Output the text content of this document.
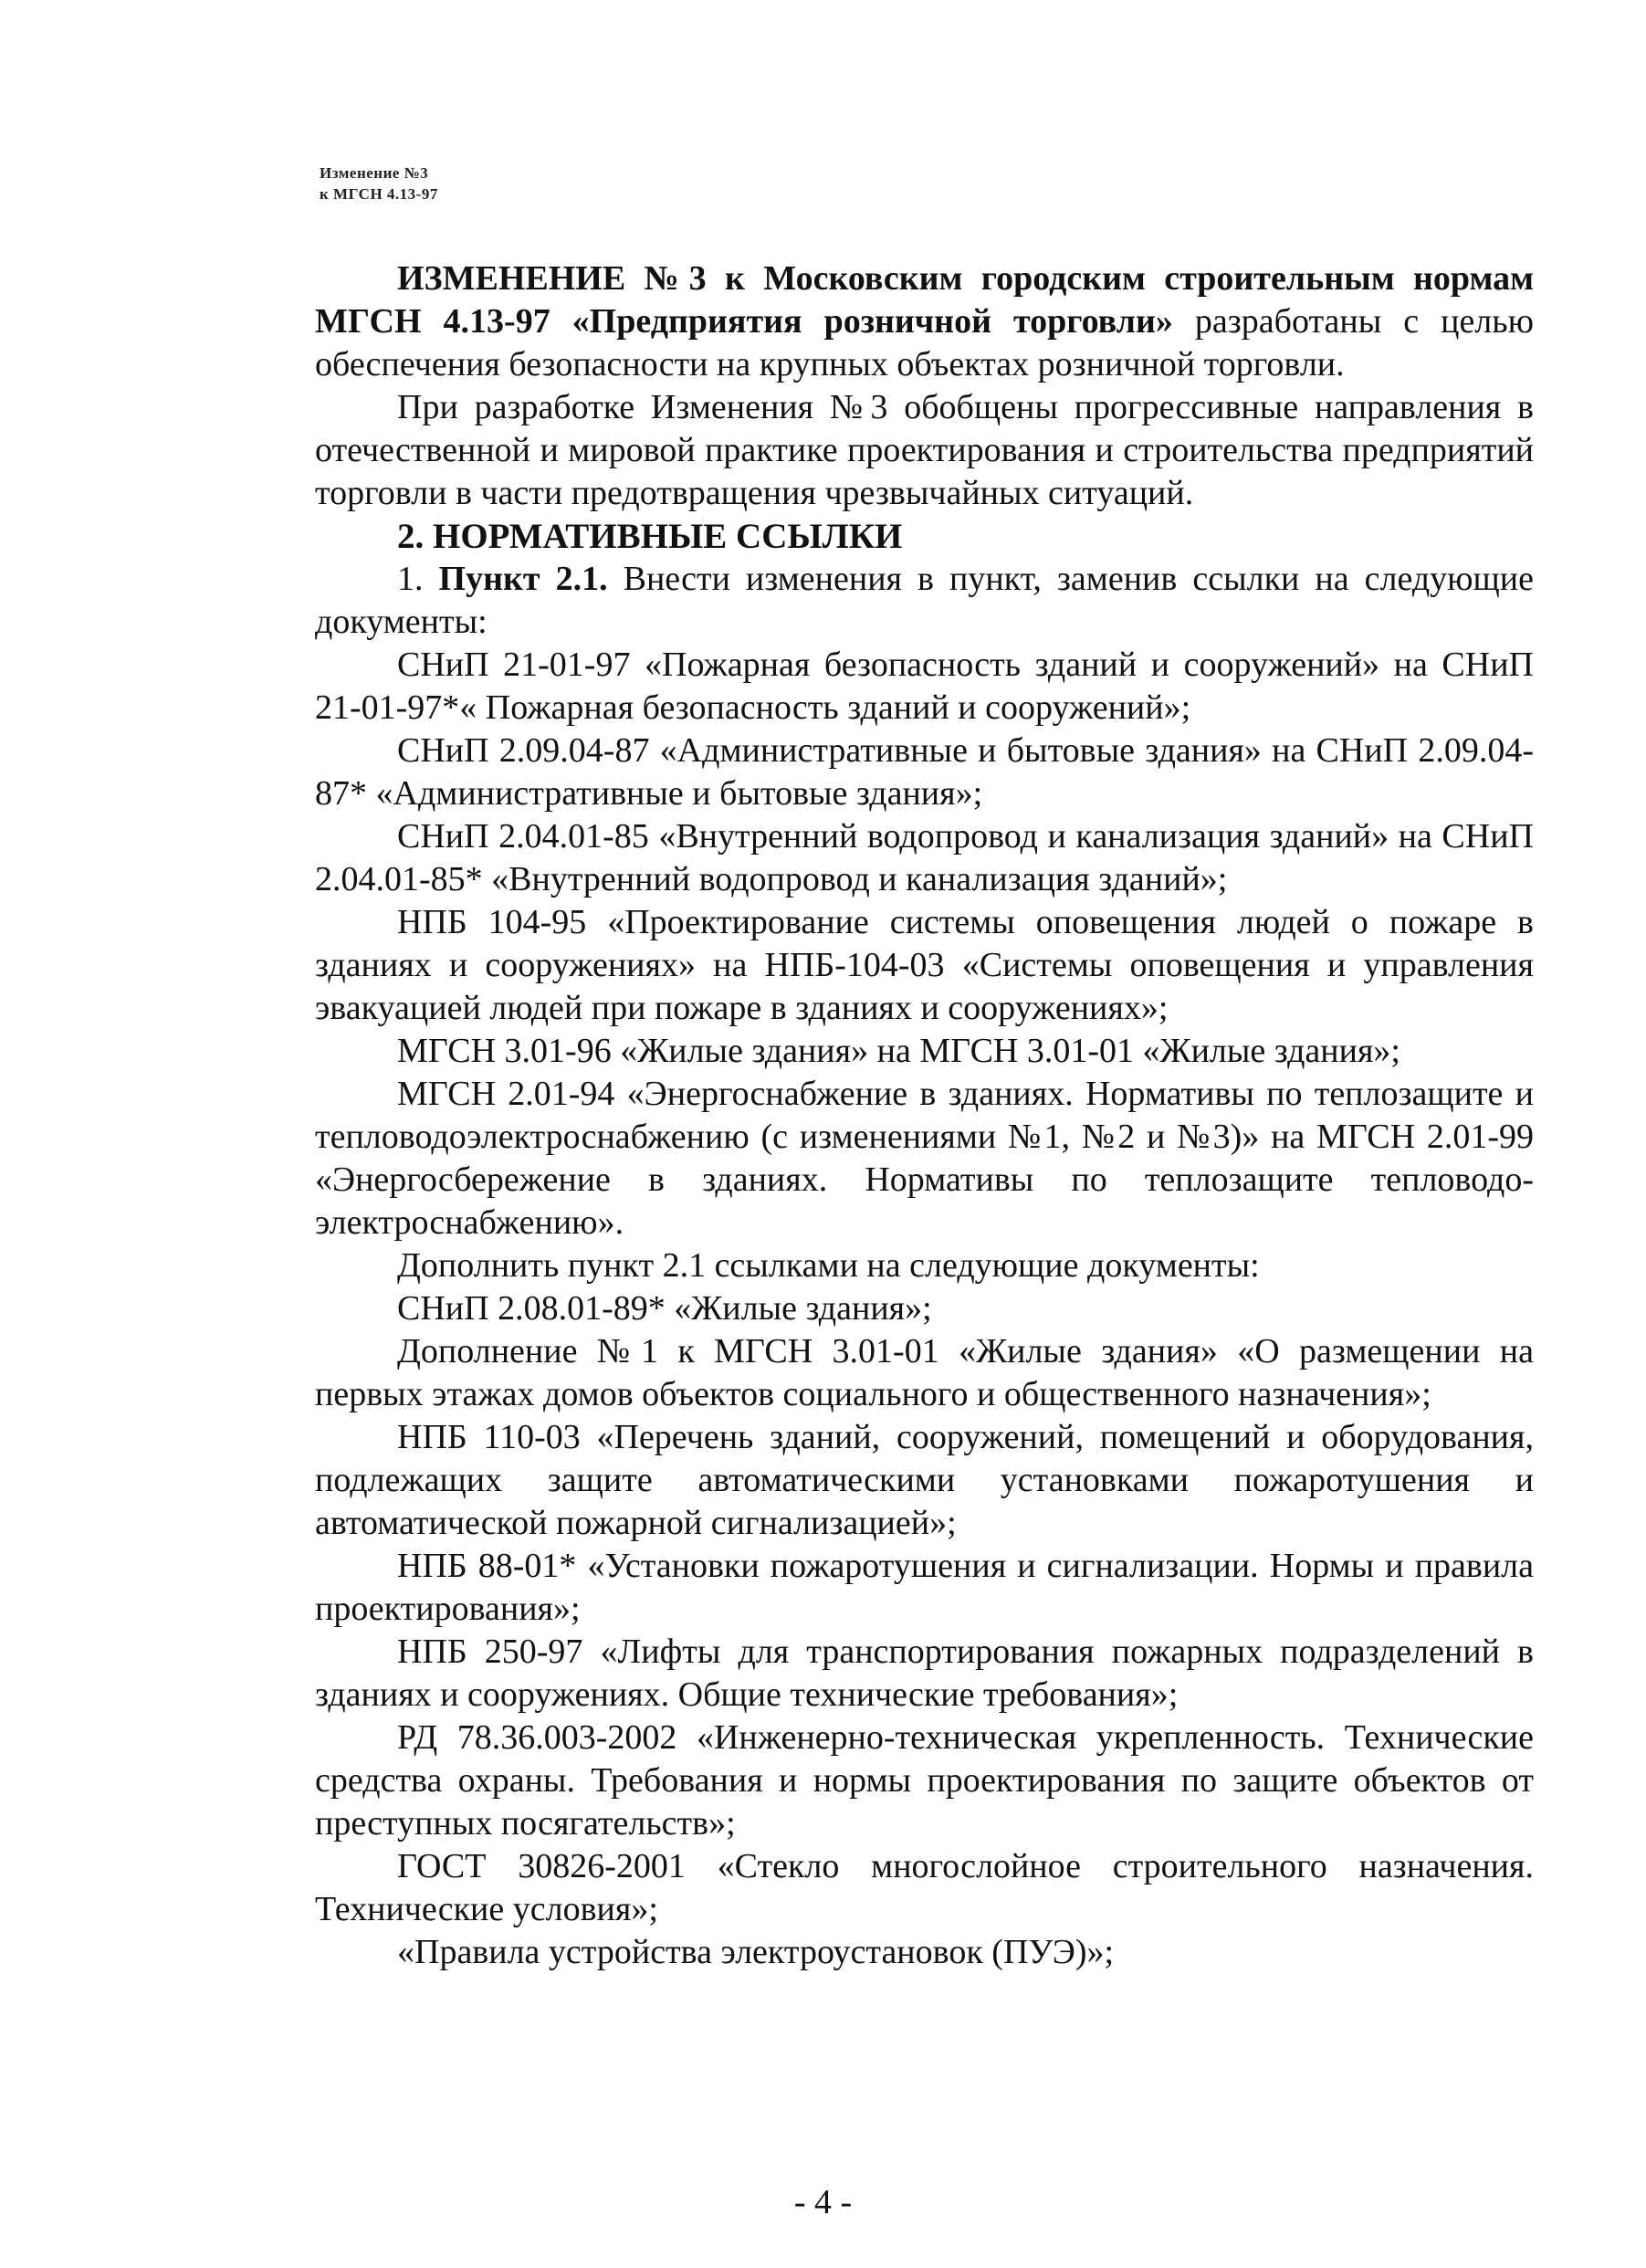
Изменение №3
к МГСН 4.13-97

ИЗМЕНЕНИЕ №3 к Московским городским строительным нормам МГСН 4.13-97 «Предприятия розничной торговли» разработаны с целью обеспечения безопасности на крупных объектах розничной торговли.

При разработке Изменения №3 обобщены прогрессивные направления в отечественной и мировой практике проектирования и строительства предприятий торговли в части предотвращения чрезвычайных ситуаций.

2. НОРМАТИВНЫЕ ССЫЛКИ

1. Пункт 2.1. Внести изменения в пункт, заменив ссылки на следующие документы:

СНиП 21-01-97 «Пожарная безопасность зданий и сооружений» на СНиП 21-01-97*« Пожарная безопасность зданий и сооружений»;

СНиП 2.09.04-87 «Административные и бытовые здания» на СНиП 2.09.04-87* «Административные и бытовые здания»;

СНиП 2.04.01-85 «Внутренний водопровод и канализация зданий» на СНиП 2.04.01-85* «Внутренний водопровод и канализация зданий»;

НПБ 104-95 «Проектирование системы оповещения людей о пожаре в зданиях и сооружениях» на НПБ-104-03 «Системы оповещения и управления эвакуацией людей при пожаре в зданиях и сооружениях»;

МГСН 3.01-96 «Жилые здания» на МГСН 3.01-01 «Жилые здания»;

МГСН 2.01-94 «Энергоснабжение в зданиях. Нормативы по теплозащите и тепловодоэлектроснабжению (с изменениями №1, №2 и №3)» на МГСН 2.01-99 «Энергосбережение в зданиях. Нормативы по теплозащите тепловодо-электроснабжению».

Дополнить пункт 2.1 ссылками на следующие документы:

СНиП 2.08.01-89* «Жилые здания»;

Дополнение №1 к МГСН 3.01-01 «Жилые здания» «О размещении на первых этажах домов объектов социального и общественного назначения»;

НПБ 110-03 «Перечень зданий, сооружений, помещений и оборудования, подлежащих защите автоматическими установками пожаротушения и автоматической пожарной сигнализацией»;

НПБ 88-01* «Установки пожаротушения и сигнализации. Нормы и правила проектирования»;

НПБ 250-97 «Лифты для транспортирования пожарных подразделений в зданиях и сооружениях. Общие технические требования»;

РД 78.36.003-2002 «Инженерно-техническая укрепленность. Технические средства охраны. Требования и нормы проектирования по защите объектов от преступных посягательств»;

ГОСТ 30826-2001 «Стекло многослойное строительного назначения. Технические условия»;

«Правила устройства электроустановок (ПУЭ)»;

- 4 -
